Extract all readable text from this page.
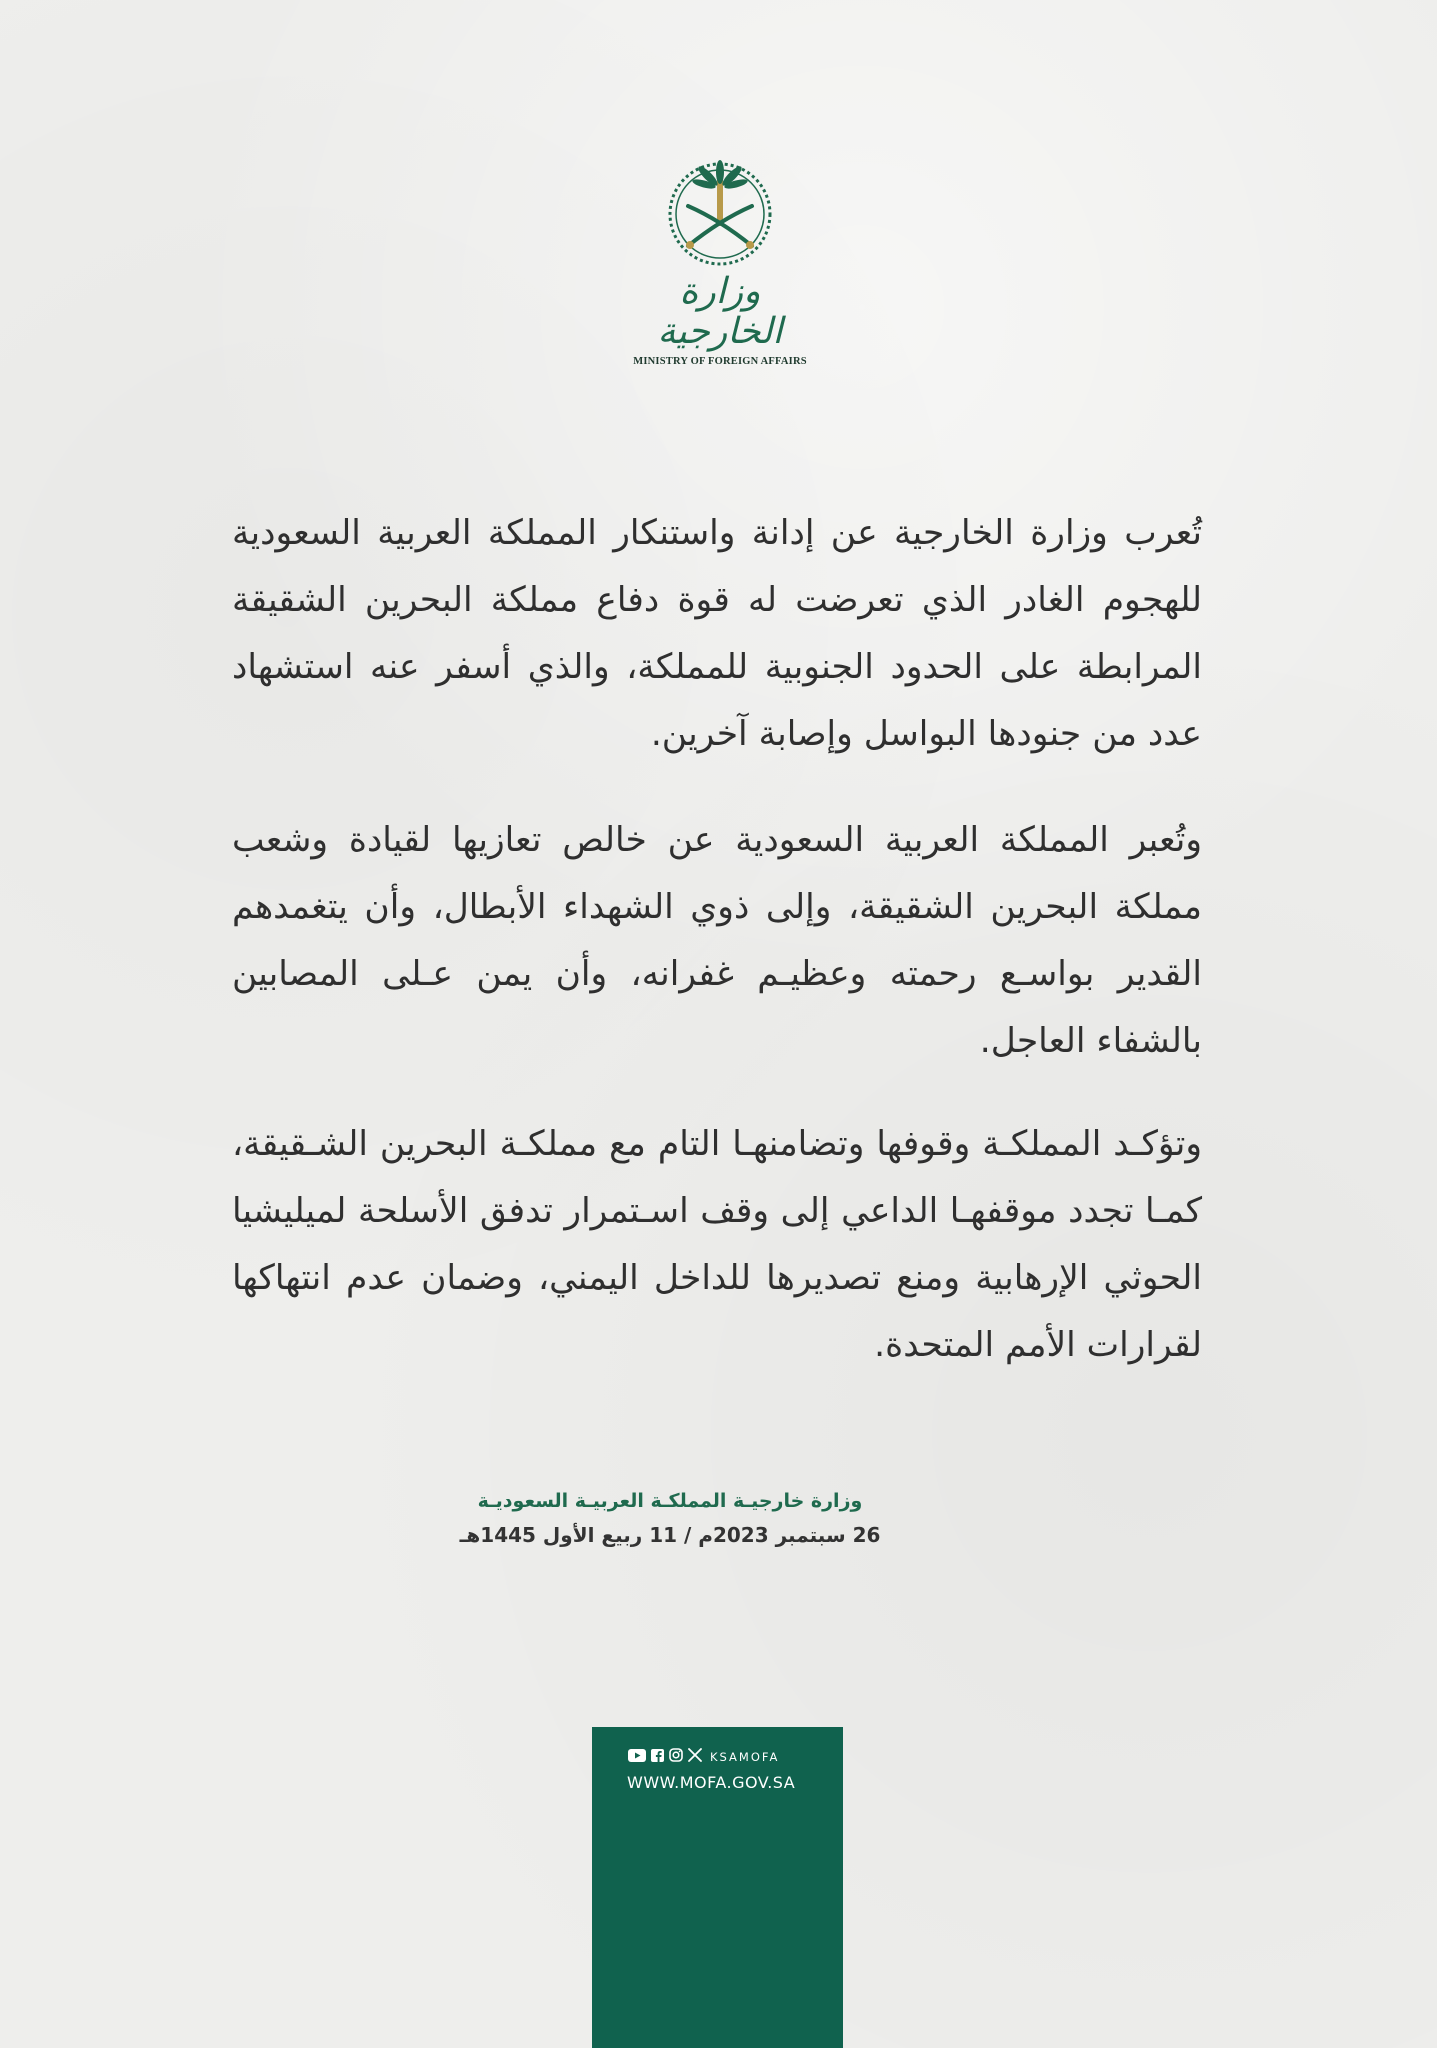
وزارة الخارجية
MINISTRY OF FOREIGN AFFAIRS
تُعرب وزارة الخارجية عن إدانة واستنكار المملكة العربية السعودية للهجوم الغادر الذي تعرضت له قوة دفاع مملكة البحرين الشقيقة المرابطة على الحدود الجنوبية للمملكة، والذي أسفر عنه استشهاد عدد من جنودها البواسل وإصابة آخرين.
وتُعبر المملكة العربية السعودية عن خالص تعازيها لقيادة وشعب مملكة البحرين الشقيقة، وإلى ذوي الشهداء الأبطال، وأن يتغمدهم القدير بواسـع رحمته وعظيـم غفرانه، وأن يمن عـلى المصابين بالشفاء العاجل.
وتؤكـد المملكـة وقوفها وتضامنهـا التام مع مملكـة البحرين الشـقيقة، كمـا تجدد موقفهـا الداعي إلى وقف اسـتمرار تدفق الأسلحة لميليشيا الحوثي الإرهابية ومنع تصديرها للداخل اليمني، وضمان عدم انتهاكها لقرارات الأمم المتحدة.
وزارة خارجيـة المملكـة العربيـة السعوديـة
26 سبتمبر 2023م / 11 ربيع الأول 1445هـ
KSAMOFA
WWW.MOFA.GOV.SA
